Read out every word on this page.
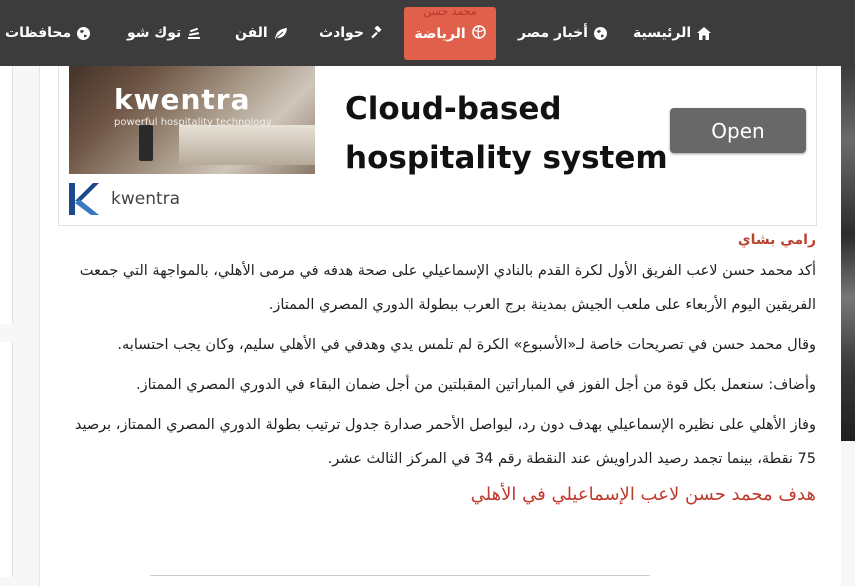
الرئيسية
أخبار مصر
حوادث
الفن
توك شو
محافظات
محمد حسن
الرياضة
kwentra
powerful hospitality technology Cloud-based hospitality system
Open
kwentra
رامي بشاي

أكد محمد حسن لاعب الفريق الأول لكرة القدم بالنادي الإسماعيلي على صحة هدفه في مرمى الأهلي، بالمواجهة التي جمعت الفريقين اليوم الأربعاء على ملعب الجيش بمدينة برج العرب ببطولة الدوري المصري الممتاز.

وقال محمد حسن في تصريحات خاصة لـ«الأسبوع» الكرة لم تلمس يدي وهدفي في الأهلي سليم، وكان يجب احتسابه.

وأضاف: سنعمل بكل قوة من أجل الفوز في المباراتين المقبلتين من أجل ضمان البقاء في الدوري المصري الممتاز.

وفاز الأهلي على نظيره الإسماعيلي بهدف دون رد، ليواصل الأحمر صدارة جدول ترتيب بطولة الدوري المصري الممتاز، برصيد 75 نقطة، بينما تجمد رصيد الدراويش عند النقطة رقم 34 في المركز الثالث عشر.

هدف محمد حسن لاعب الإسماعيلي في الأهلي
